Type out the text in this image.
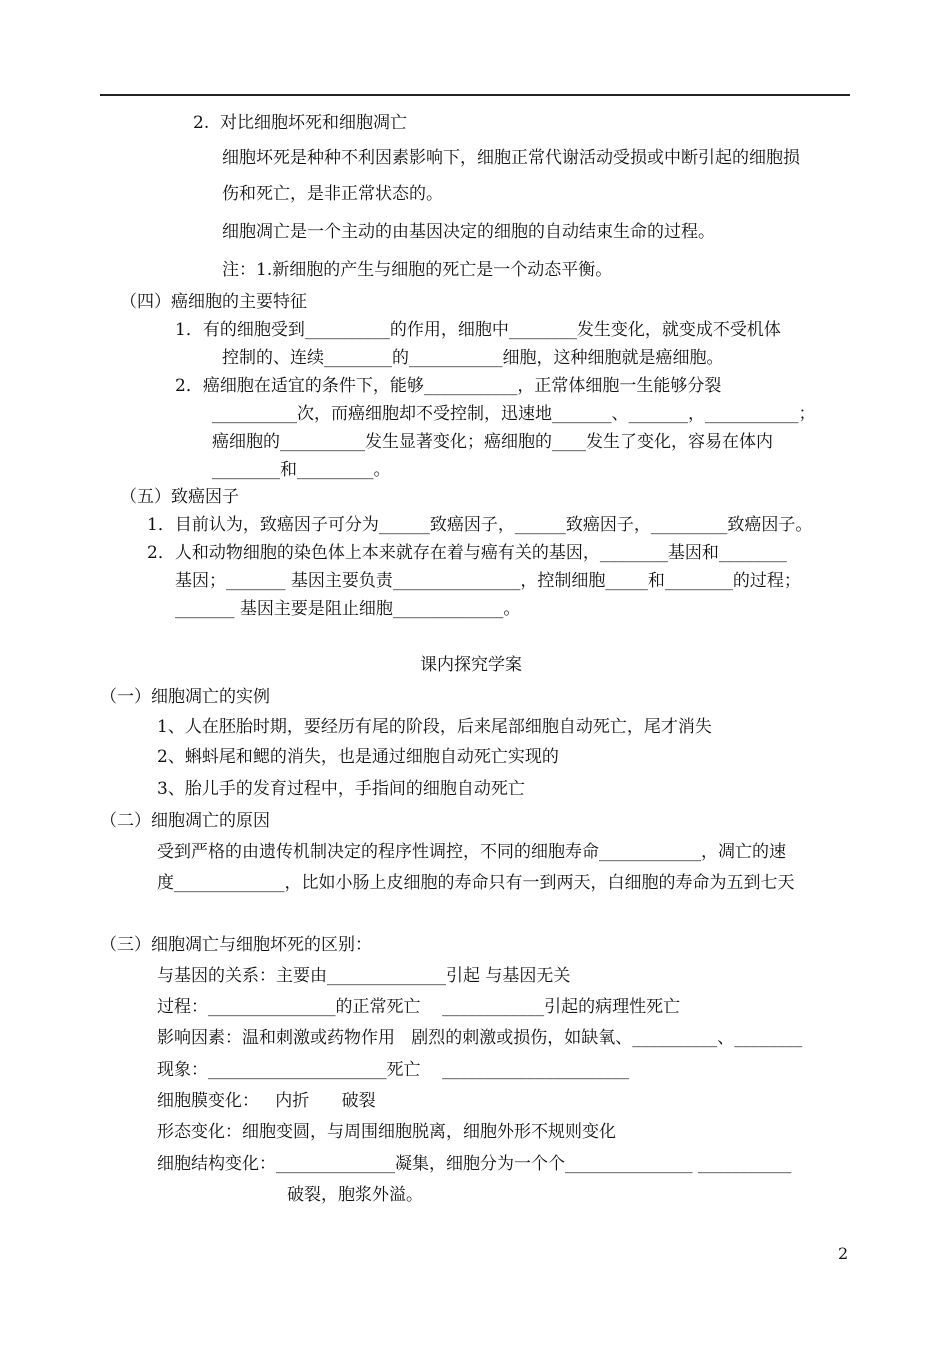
2.  对比细胞坏死和细胞凋亡
细胞坏死是种种不利因素影响下，细胞正常代谢活动受损或中断引起的细胞损
伤和死亡，是非正常状态的。
细胞凋亡是一个主动的由基因决定的细胞的自动结束生命的过程。
注：1.新细胞的产生与细胞的死亡是一个动态平衡。
（四）癌细胞的主要特征
1．有的细胞受到__________的作用，细胞中________发生变化，就变成不受机体
控制的、连续________的___________细胞，这种细胞就是癌细胞。
2．癌细胞在适宜的条件下，能够___________，正常体细胞一生能够分裂
__________次，而癌细胞却不受控制，迅速地_______、_______，___________；
癌细胞的__________发生显著变化；癌细胞的____发生了变化，容易在体内
________和_________。
（五）致癌因子
1．目前认为，致癌因子可分为______致癌因子，______致癌因子，_________致癌因子。
2．人和动物细胞的染色体上本来就存在着与癌有关的基因，________基因和________
基因；_______ 基因主要负责_______________，控制细胞_____和________的过程；
_______ 基因主要是阻止细胞_____________。
课内探究学案
（一）细胞凋亡的实例
1、人在胚胎时期，要经历有尾的阶段，后来尾部细胞自动死亡，尾才消失
2、蝌蚪尾和鳃的消失，也是通过细胞自动死亡实现的
3、胎儿手的发育过程中，手指间的细胞自动死亡
（二）细胞凋亡的原因
受到严格的由遗传机制决定的程序性调控，不同的细胞寿命____________，凋亡的速
度_____________，比如小肠上皮细胞的寿命只有一到两天，白细胞的寿命为五到七天
（三）细胞凋亡与细胞坏死的区别：
与基因的关系：主要由______________引起 与基因无关
过程：_______________的正常死亡    ____________引起的病理性死亡
影响因素：温和刺激或药物作用   剧烈的刺激或损伤，如缺氧、__________、________
现象：_____________________死亡    ______________________
细胞膜变化：   内折      破裂
形态变化：细胞变圆，与周围细胞脱离，细胞外形不规则变化
细胞结构变化：______________凝集，细胞分为一个个_______________ ___________
破裂，胞浆外溢。
2
